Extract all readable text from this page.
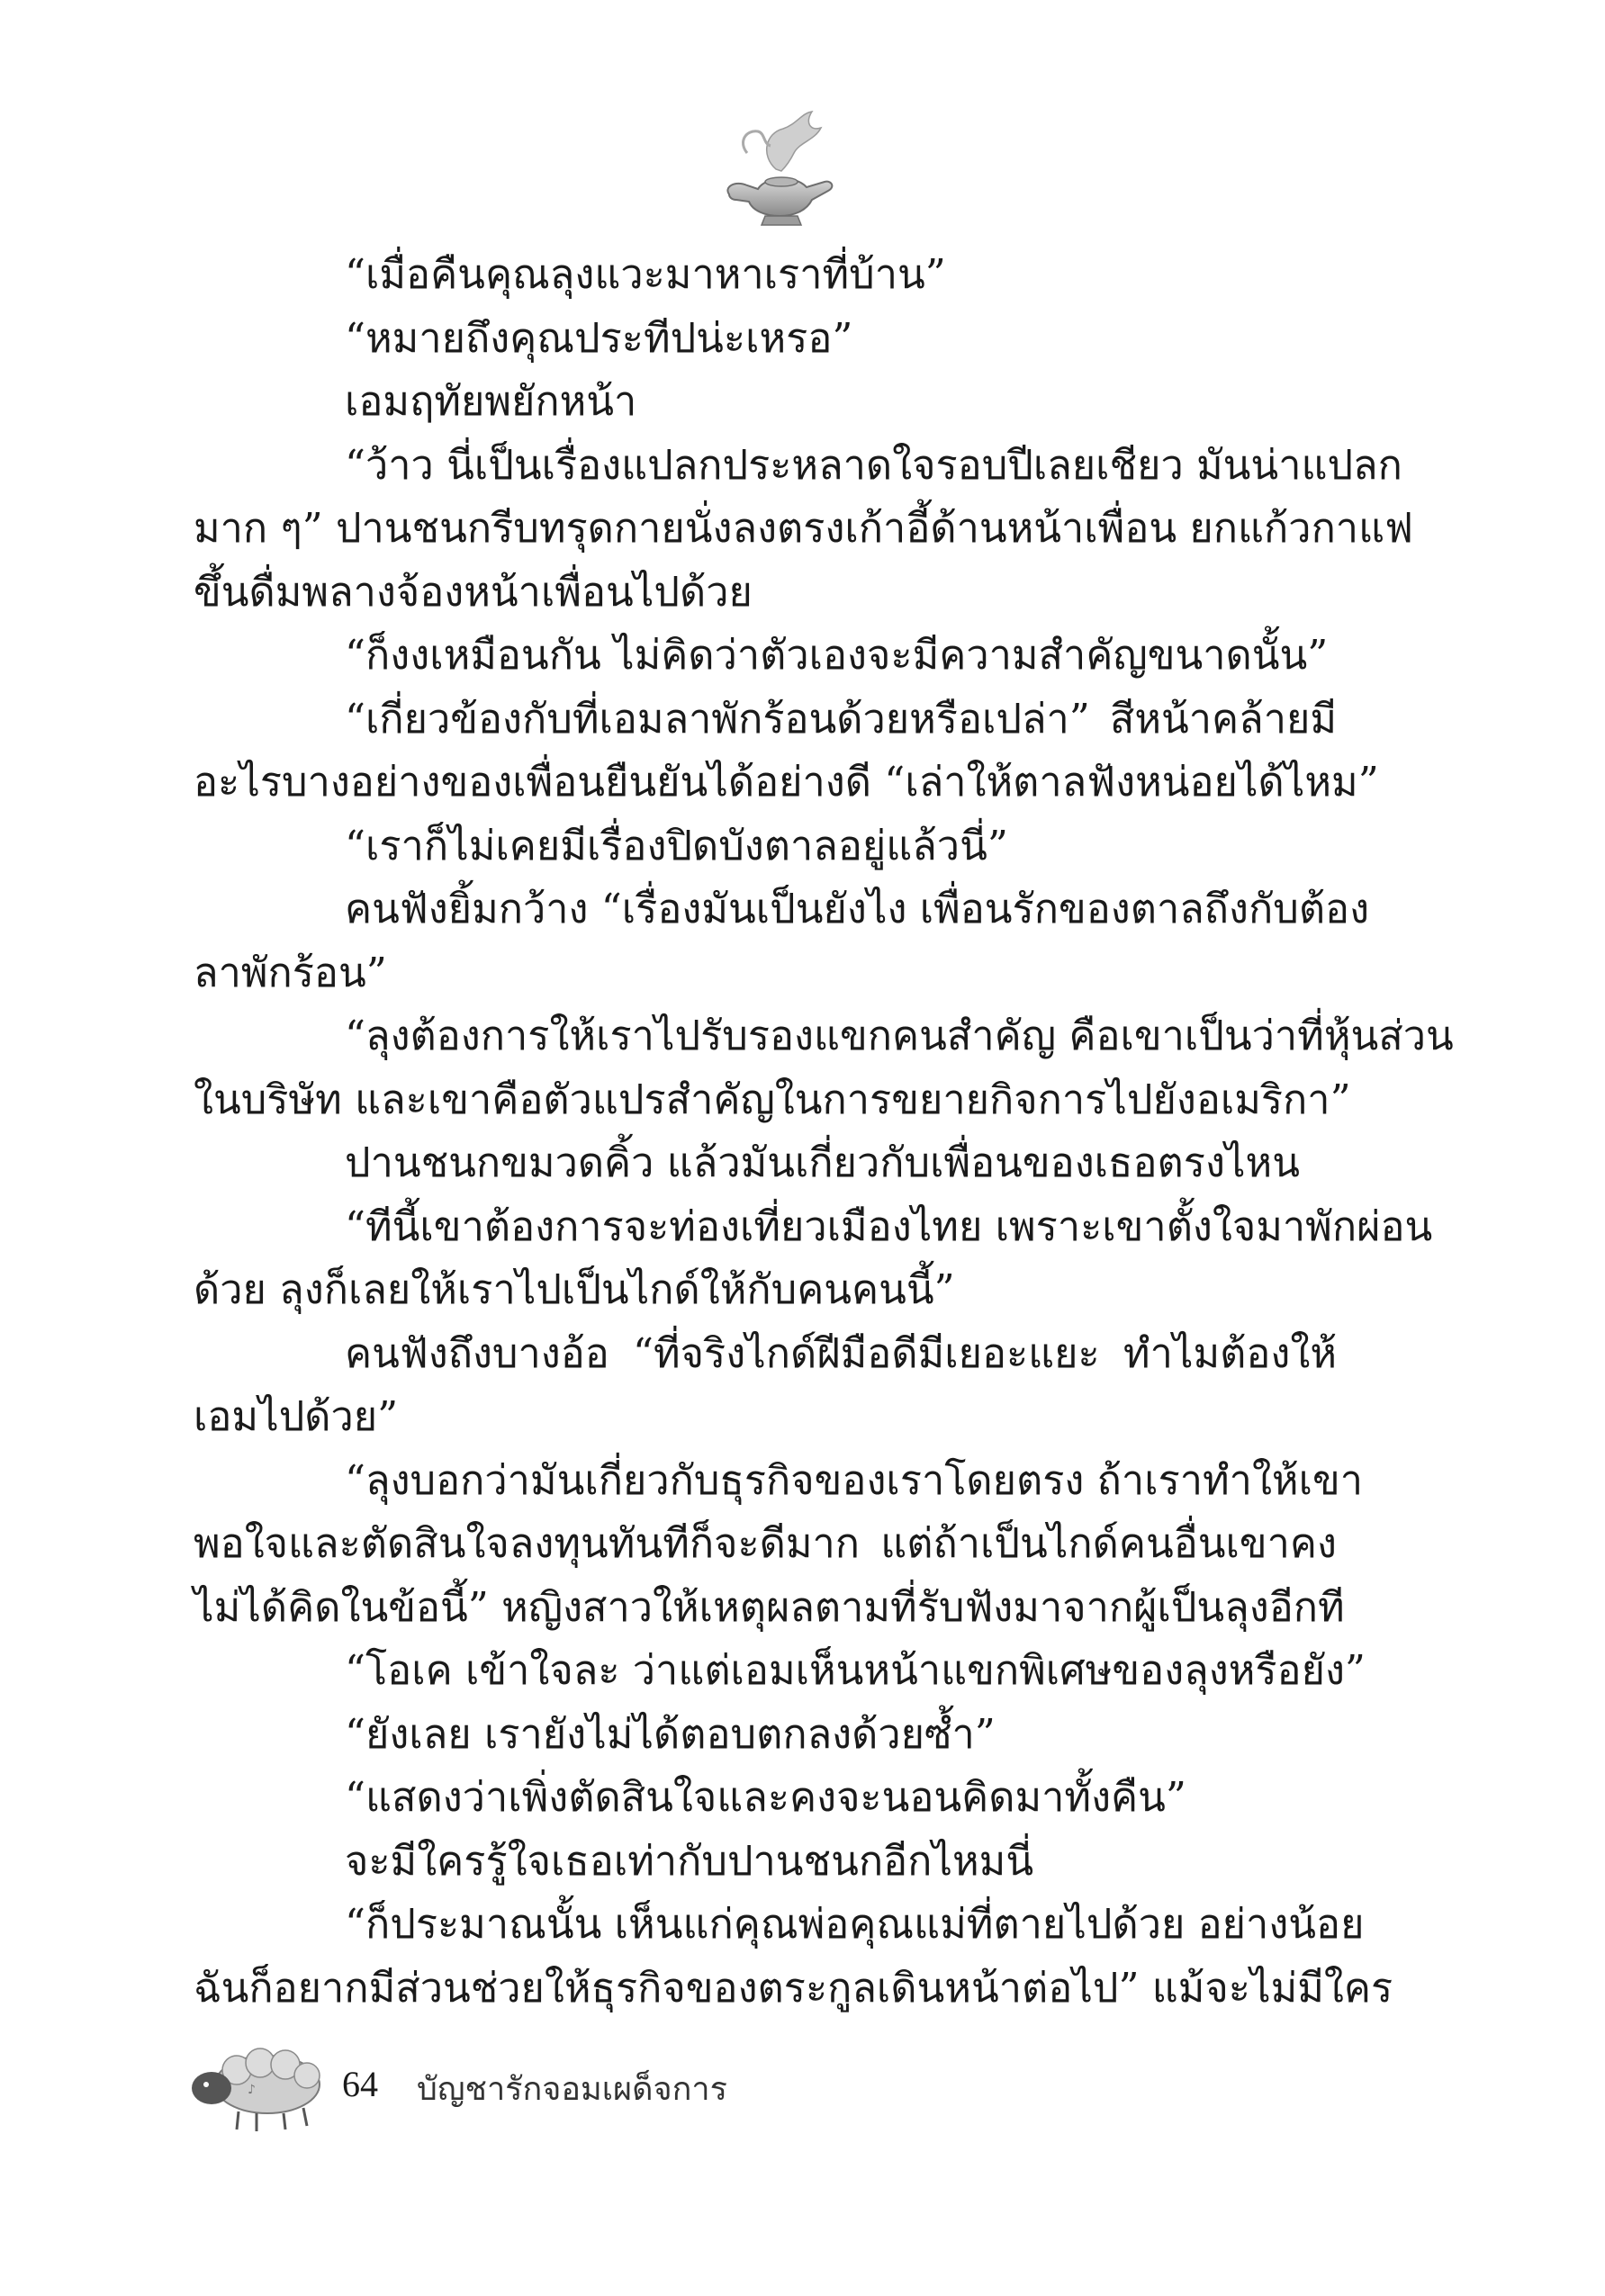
“เมื่อคืนคุณลุงแวะมาหาเราที่บ้าน”
“หมายถึงคุณประทีปน่ะเหรอ”
เอมฤทัยพยักหน้า
“ว้าว นี่เป็นเรื่องแปลกประหลาดใจรอบปีเลยเชียว มันน่าแปลก
มาก ๆ” ปานชนกรีบทรุดกายนั่งลงตรงเก้าอี้ด้านหน้าเพื่อน ยกแก้วกาแฟ
ขึ้นดื่มพลางจ้องหน้าเพื่อนไปด้วย
“ก็งงเหมือนกัน ไม่คิดว่าตัวเองจะมีความสำคัญขนาดนั้น”
“เกี่ยวข้องกับที่เอมลาพักร้อนด้วยหรือเปล่า” สีหน้าคล้ายมี
อะไรบางอย่างของเพื่อนยืนยันได้อย่างดี “เล่าให้ตาลฟังหน่อยได้ไหม”
“เราก็ไม่เคยมีเรื่องปิดบังตาลอยู่แล้วนี่”
คนฟังยิ้มกว้าง “เรื่องมันเป็นยังไง เพื่อนรักของตาลถึงกับต้อง
ลาพักร้อน”
“ลุงต้องการให้เราไปรับรองแขกคนสำคัญ คือเขาเป็นว่าที่หุ้นส่วน
ในบริษัท และเขาคือตัวแปรสำคัญในการขยายกิจการไปยังอเมริกา”
ปานชนกขมวดคิ้ว แล้วมันเกี่ยวกับเพื่อนของเธอตรงไหน
“ทีนี้เขาต้องการจะท่องเที่ยวเมืองไทย เพราะเขาตั้งใจมาพักผ่อน
ด้วย ลุงก็เลยให้เราไปเป็นไกด์ให้กับคนคนนี้”
คนฟังถึงบางอ้อ “ที่จริงไกด์ฝีมือดีมีเยอะแยะ ทำไมต้องให้
เอมไปด้วย”
“ลุงบอกว่ามันเกี่ยวกับธุรกิจของเราโดยตรง ถ้าเราทำให้เขา
พอใจและตัดสินใจลงทุนทันทีก็จะดีมาก แต่ถ้าเป็นไกด์คนอื่นเขาคง
ไม่ได้คิดในข้อนี้” หญิงสาวให้เหตุผลตามที่รับฟังมาจากผู้เป็นลุงอีกที
“โอเค เข้าใจละ ว่าแต่เอมเห็นหน้าแขกพิเศษของลุงหรือยัง”
“ยังเลย เรายังไม่ได้ตอบตกลงด้วยซ้ำ”
“แสดงว่าเพิ่งตัดสินใจและคงจะนอนคิดมาทั้งคืน”
จะมีใครรู้ใจเธอเท่ากับปานชนกอีกไหมนี่
“ก็ประมาณนั้น เห็นแก่คุณพ่อคุณแม่ที่ตายไปด้วย อย่างน้อย
ฉันก็อยากมีส่วนช่วยให้ธุรกิจของตระกูลเดินหน้าต่อไป” แม้จะไม่มีใคร
♪ 64 บัญชารักจอมเผด็จการ
